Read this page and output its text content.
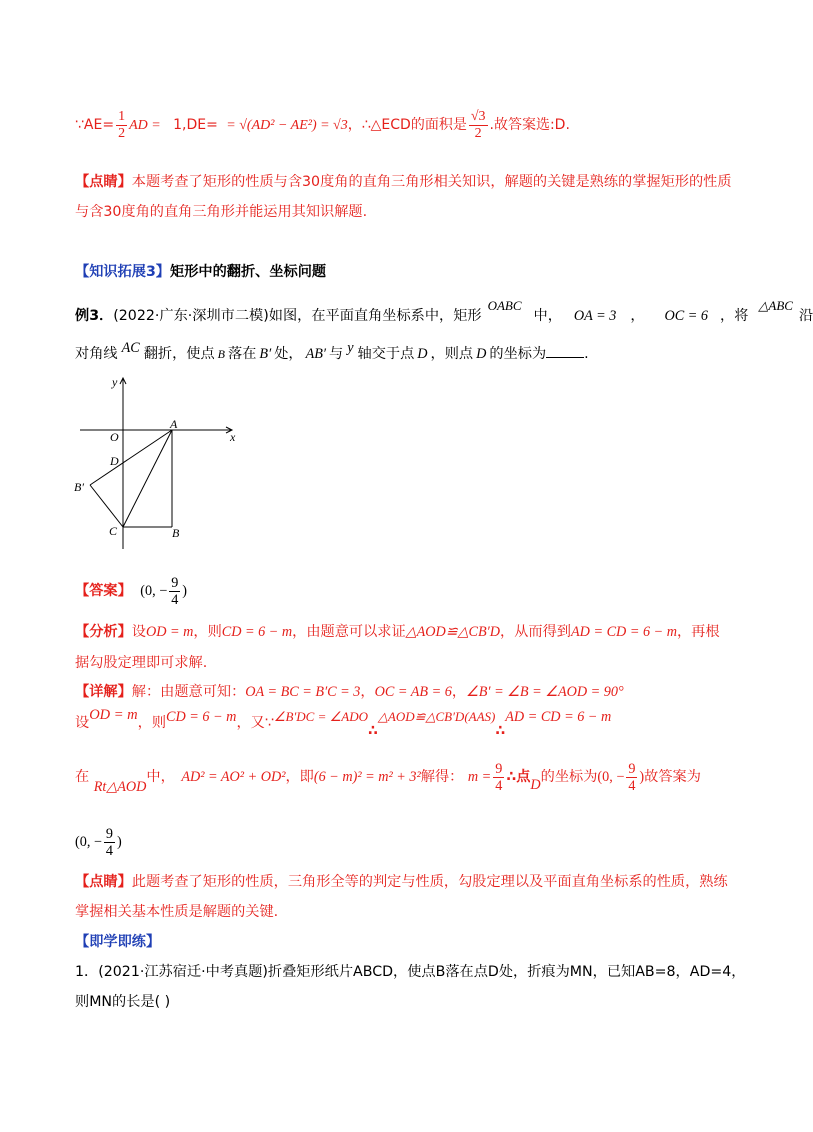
∵AE= $\frac{1}{2}$ AD = 1,DE= = √(AD² − AE²) = √3，∴△ECD的面积是 $\frac{√3}{2}$ .故答案选:D.
【点睛】本题考查了矩形的性质与含30度角的直角三角形相关知识，解题的关键是熟练的掌握矩形的性质
与含30度角的直角三角形并能运用其知识解题.
【知识拓展3】矩形中的翻折、坐标问题
例3．(2022·广东·深圳市二模)如图，在平面直角坐标系中，矩形OABC中， OA = 3 ， OC = 6 ，将△ABC沿
对角线 AC 翻折，使点 B 落在 B′ 处， AB′ 与 y 轴交于点 D ，则点 D 的坐标为	.
y
x
O
A
D
B′
C	B
【答案】 (0, − $\frac{9}{4}$ )
【分析】设OD = m，则CD = 6 − m，由题意可以求证△AOD≌△CB′D，从而得到AD = CD = 6 − m，再根
据勾股定理即可求解.
【详解】解：由题意可知：OA = BC = B′C = 3，OC = AB = 6，∠B′ = ∠B = ∠AOD = 90°
设OD = m，则CD = 6 − m，又∵∠B′DC = ∠ADO∴△AOD≌△CB′D(AAS)∴AD = CD = 6 − m
在 Rt△AOD中， AD² = AO² + OD²，即(6 − m)² = m² + 3²解得： $m = \frac{9}{4}$ ∴点D的坐标为(0, − $\frac{9}{4}$ )故答案为
(0, − $\frac{9}{4}$ )
【点睛】此题考查了矩形的性质，三角形全等的判定与性质，勾股定理以及平面直角坐标系的性质，熟练
掌握相关基本性质是解题的关键.
【即学即练】
1．(2021·江苏宿迁·中考真题)折叠矩形纸片ABCD，使点B落在点D处，折痕为MN，已知AB=8，AD=4，
则MN的长是( )
